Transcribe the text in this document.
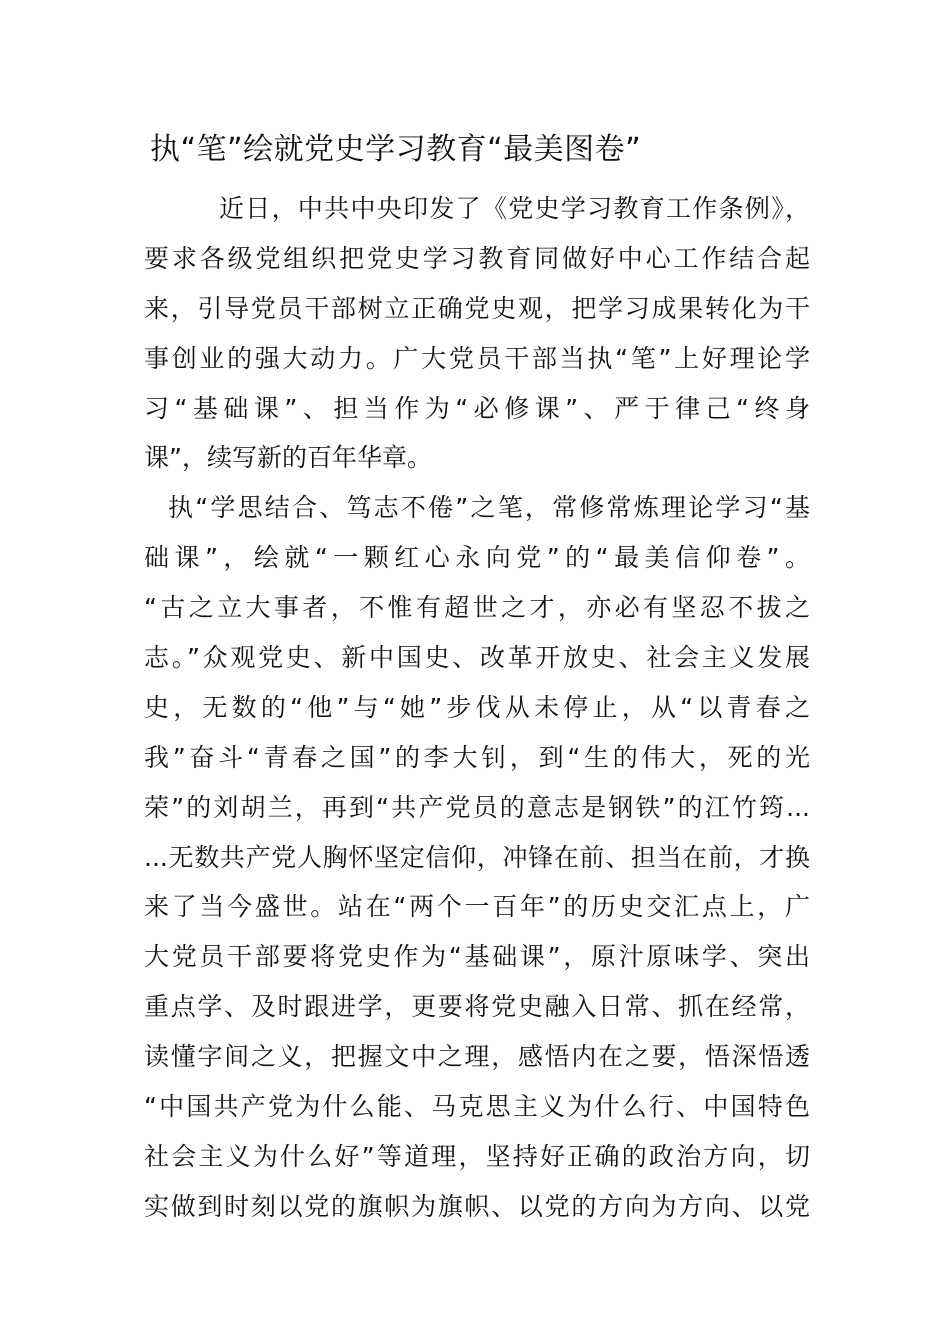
执“笔”绘就党史学习教育“最美图卷”
近日，中共中央印发了《党史学习教育工作条例》，
要求各级党组织把党史学习教育同做好中心工作结合起
来，引导党员干部树立正确党史观，把学习成果转化为干
事创业的强大动力。广大党员干部当执“笔”上好理论学
习“基础课”、担当作为“必修课”、严于律己“终身
课”，续写新的百年华章。
执“学思结合、笃志不倦”之笔，常修常炼理论学习“基
础课”，绘就“一颗红心永向党”的“最美信仰卷”。
“古之立大事者，不惟有超世之才，亦必有坚忍不拔之
志。”众观党史、新中国史、改革开放史、社会主义发展
史，无数的“他”与“她”步伐从未停止，从“以青春之
我”奋斗“青春之国”的李大钊，到“生的伟大，死的光
荣”的刘胡兰，再到“共产党员的意志是钢铁”的江竹筠...
...无数共产党人胸怀坚定信仰，冲锋在前、担当在前，才换
来了当今盛世。站在“两个一百年”的历史交汇点上，广
大党员干部要将党史作为“基础课”，原汁原味学、突出
重点学、及时跟进学，更要将党史融入日常、抓在经常，
读懂字间之义，把握文中之理，感悟内在之要，悟深悟透
“中国共产党为什么能、马克思主义为什么行、中国特色
社会主义为什么好”等道理，坚持好正确的政治方向，切
实做到时刻以党的旗帜为旗帜、以党的方向为方向、以党
